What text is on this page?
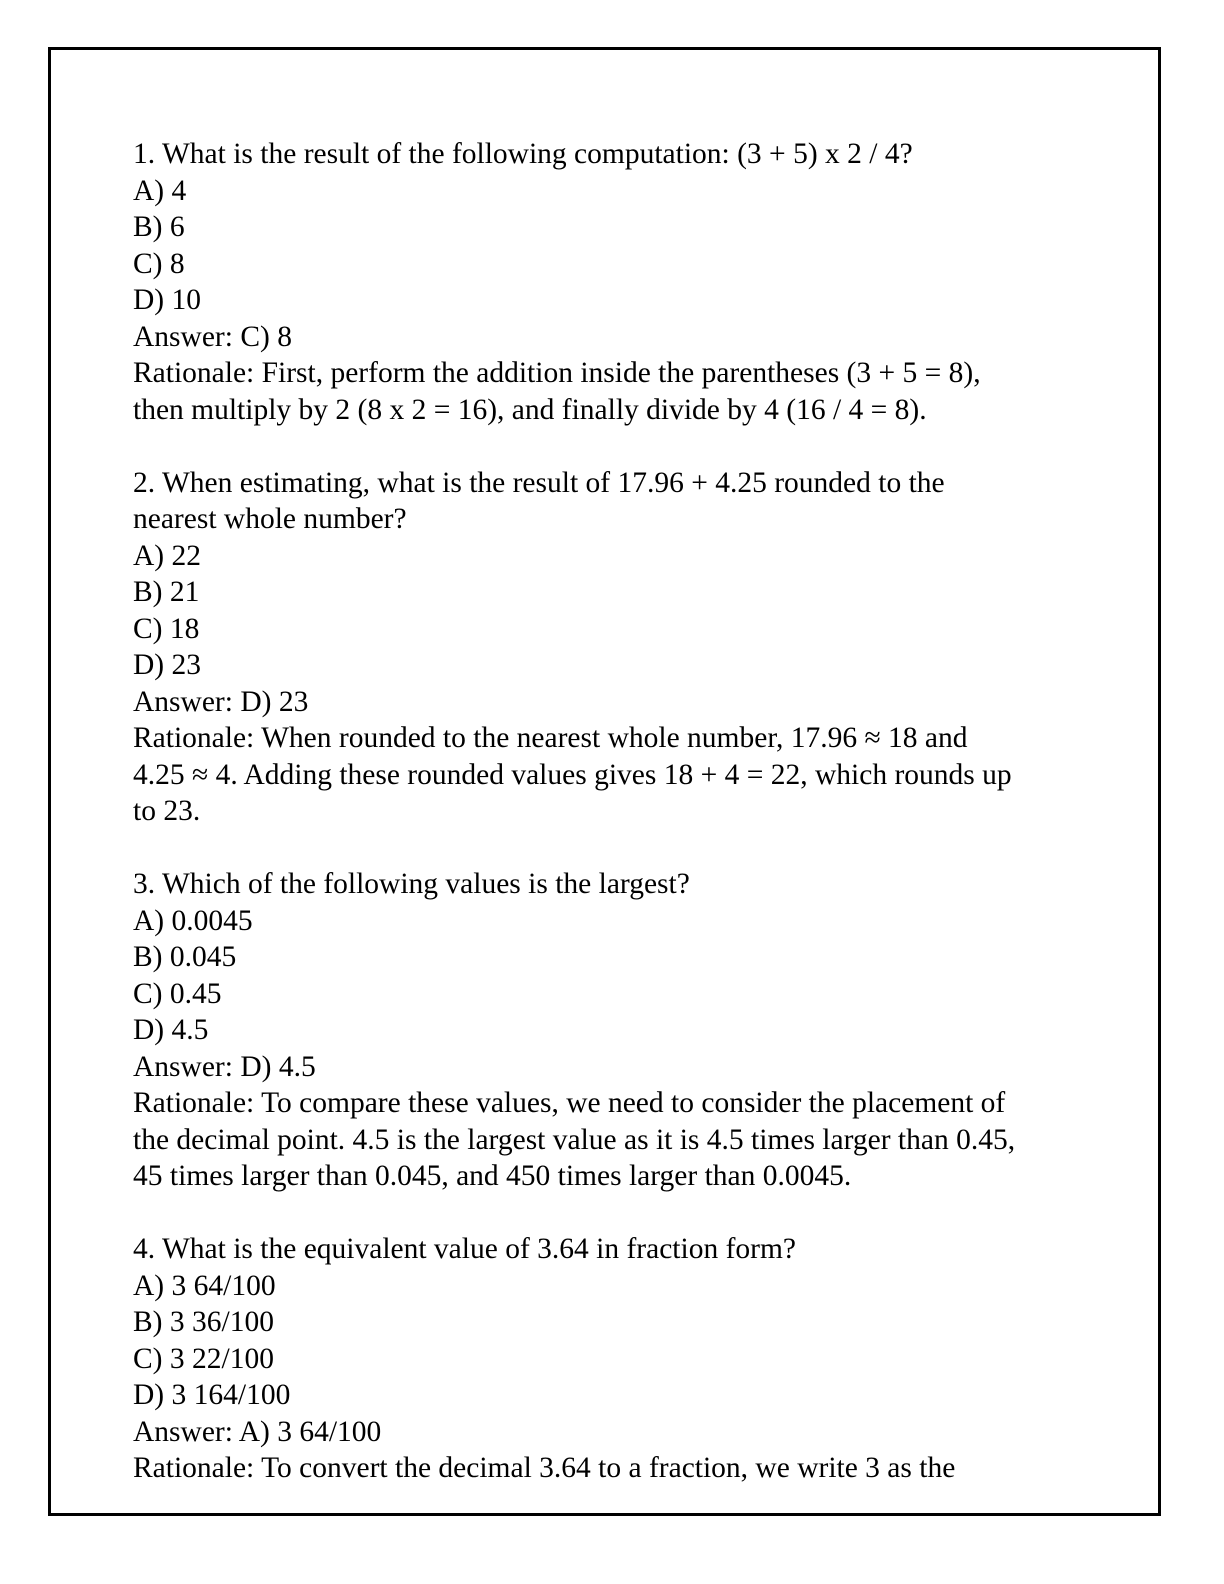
1. What is the result of the following computation: (3 + 5) x 2 / 4?
A) 4
B) 6
C) 8
D) 10
Answer: C) 8
Rationale: First, perform the addition inside the parentheses (3 + 5 = 8),
then multiply by 2 (8 x 2 = 16), and finally divide by 4 (16 / 4 = 8).
2. When estimating, what is the result of 17.96 + 4.25 rounded to the
nearest whole number?
A) 22
B) 21
C) 18
D) 23
Answer: D) 23
Rationale: When rounded to the nearest whole number, 17.96 ≈ 18 and
4.25 ≈ 4. Adding these rounded values gives 18 + 4 = 22, which rounds up
to 23.
3. Which of the following values is the largest?
A) 0.0045
B) 0.045
C) 0.45
D) 4.5
Answer: D) 4.5
Rationale: To compare these values, we need to consider the placement of
the decimal point. 4.5 is the largest value as it is 4.5 times larger than 0.45,
45 times larger than 0.045, and 450 times larger than 0.0045.
4. What is the equivalent value of 3.64 in fraction form?
A) 3 64/100
B) 3 36/100
C) 3 22/100
D) 3 164/100
Answer: A) 3 64/100
Rationale: To convert the decimal 3.64 to a fraction, we write 3 as the
